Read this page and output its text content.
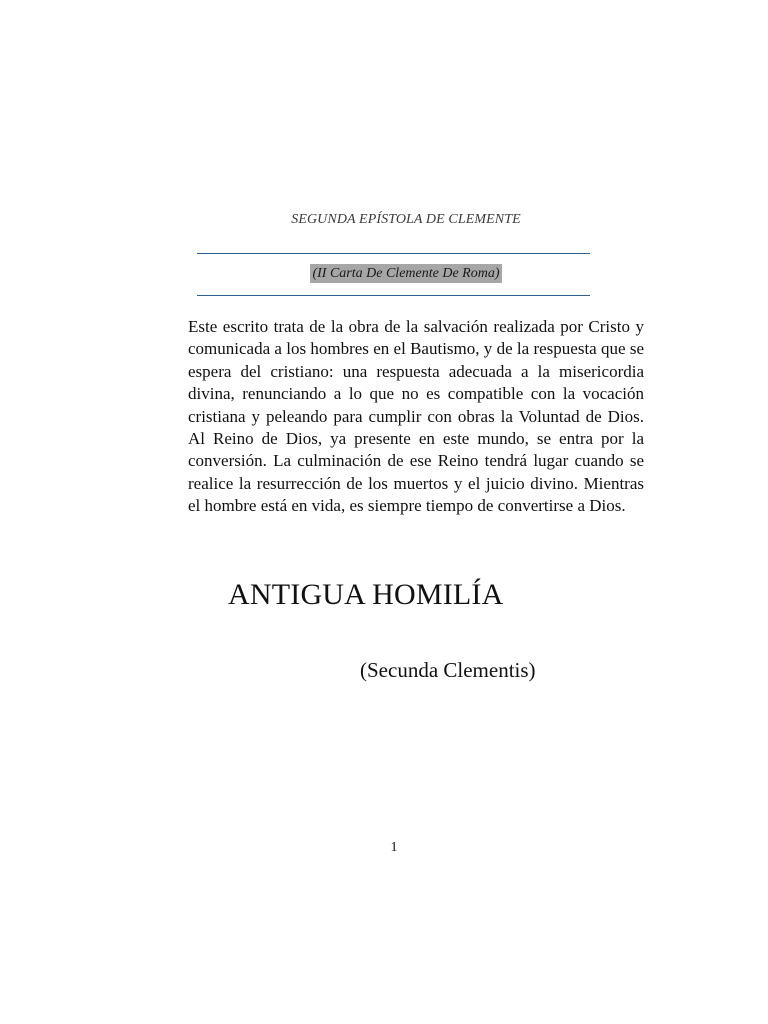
SEGUNDA EPÍSTOLA DE CLEMENTE
(II Carta De Clemente De Roma)

Este escrito trata de la obra de la salvación realizada por Cristo y comunicada a los hombres en el Bautismo, y de la respuesta que se espera del cristiano: una respuesta adecuada a la misericordia divina, renunciando a lo que no es compatible con la vocación cristiana y peleando para cumplir con obras la Voluntad de Dios. Al Reino de Dios, ya presente en este mundo, se entra por la conversión. La culminación de ese Reino tendrá lugar cuando se realice la resurrección de los muertos y el juicio divino. Mientras el hombre está en vida, es siempre tiempo de convertirse a Dios.

ANTIGUA HOMILÍA
(Secunda Clementis)
1
